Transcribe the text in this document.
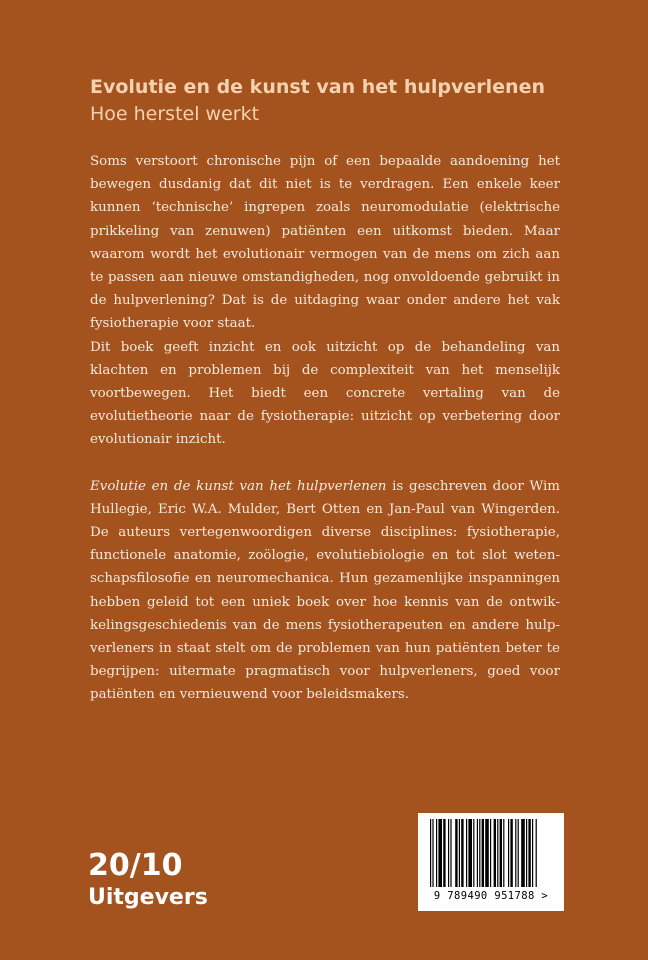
Evolutie en de kunst van het hulpverlenen
Hoe herstel werkt

Soms verstoort chronische pijn of een bepaalde aandoening het bewegen dusdanig dat dit niet is te verdragen. Een enkele keer kunnen ‘technische’ ingrepen zoals neuromodulatie (elektrische prikkeling van zenuwen) patiënten een uitkomst bieden. Maar waarom wordt het evolutionair vermogen van de mens om zich aan te passen aan nieuwe omstandigheden, nog onvoldoende gebruikt in de hulpverlening? Dat is de uitdaging waar onder andere het vak fysiotherapie voor staat.

Dit boek geeft inzicht en ook uitzicht op de behandeling van klachten en problemen bij de complexiteit van het menselijk voortbewegen. Het biedt een concrete vertaling van de evolutietheorie naar de fysiotherapie: uitzicht op verbetering door evolutionair inzicht.

Evolutie en de kunst van het hulpverlenen is geschreven door Wim Hullegie, Eric W.A. Mulder, Bert Otten en Jan-Paul van Wingerden. De auteurs vertegenwoordigen diverse disciplines: fysiotherapie, functionele anatomie, zoölogie, evolutiebiologie en tot slot wetenschapsfilosofie en neuromechanica. Hun gezamenlijke inspanningen hebben geleid tot een uniek boek over hoe kennis van de ontwikkelingsgeschiedenis van de mens fysiotherapeuten en andere hulpverleners in staat stelt om de problemen van hun patiënten beter te begrijpen: uitermate pragmatisch voor hulpverleners, goed voor patiënten en vernieuwend voor beleidsmakers.

20/10
Uitgevers	9 789490 951788 >
